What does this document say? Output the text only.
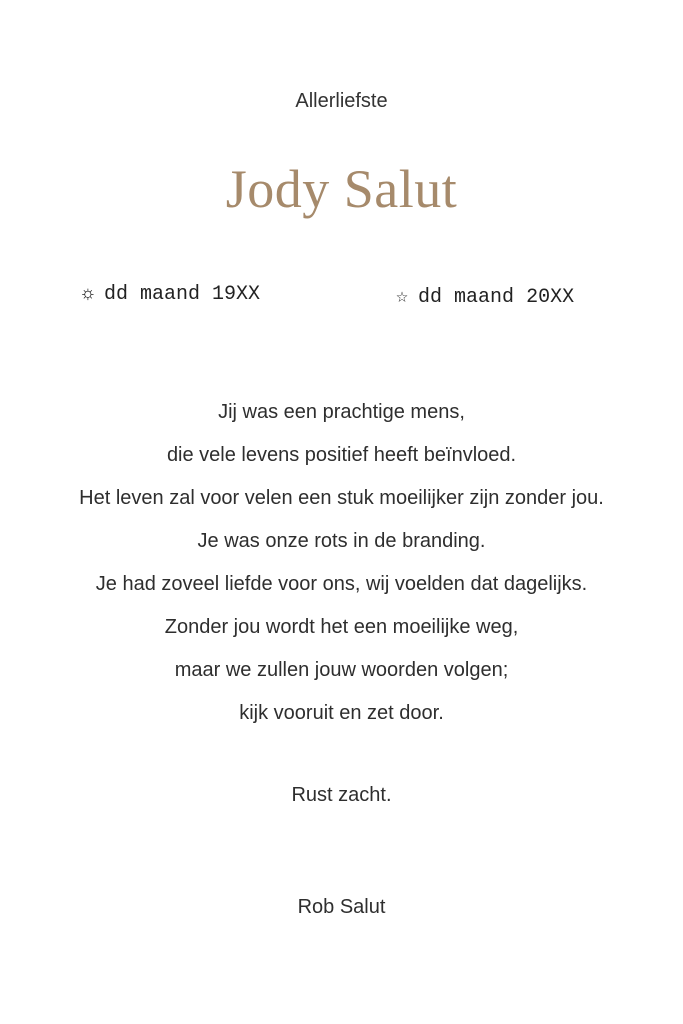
Allerliefste
Jody Salut
☼ dd maand 19XX	☆ dd maand 20XX
Jij was een prachtige mens,
die vele levens positief heeft beïnvloed.
Het leven zal voor velen een stuk moeilijker zijn zonder jou.
Je was onze rots in de branding.
Je had zoveel liefde voor ons, wij voelden dat dagelijks.
Zonder jou wordt het een moeilijke weg,
maar we zullen jouw woorden volgen;
kijk vooruit en zet door.
Rust zacht.
Rob Salut
